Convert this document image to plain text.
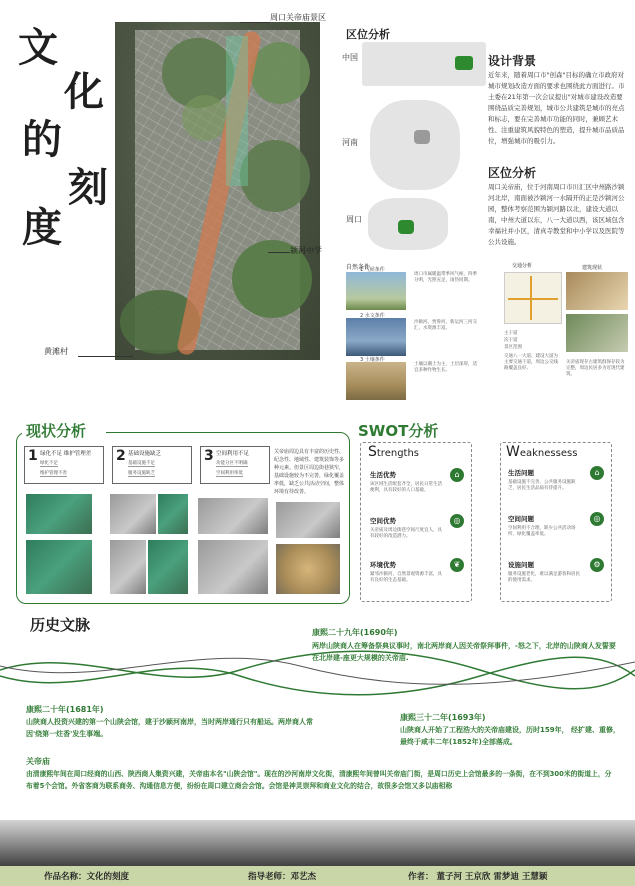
文
化
的
刻
度
周口关帝庙景区
颍河中学
黄滩村
区位分析
中国
河南
周口
设计背景
近年来，随着周口市"创森"目标的确立市政府对城市规划改造方面的要求也围绕此方面进行。市土委在21年第一次会议提出"对城市建设改造要围绕品质完善规划，城市公共建筑是城市的亮点和标志，要在完善城市功能的同时，兼顾艺术性、注重建筑风貌特色的塑造，提升城市品质品位，增强城市的吸引力。
区位分析
周口关帝庙，位于河南周口市川汇区中州路沙颍河北岸，南面被沙颍河一水隔开的正是沙颍河公园，整体考察范围为颍河路以北，建设大道以南，中州大道以东，八一大道以西，该区域包含幸福社并小区，清真寺教堂和中小学以及医院等公共设施。
自然条件
1 气候条件
周口市属暖温带季风气候，四季分明，光照充足，雨热同期。
2 水文条件
沙颍河、贾鲁河、新运河三河交汇，水资源丰富。
3 土壤条件
土壤以潮土为主，土层深厚，适宜多种作物生长。
交通分析
主干道
次干道
景区范围
交通八一大道、建设大道为主要交通干道，周边公交线路覆盖良好。
建筑现状
关帝庙现存古建筑群保存较为完整，周边民居多为近现代建筑。
现状分析
1 绿化不足 维护管理差
绿化不足
维护管理不善
2 基础设施缺乏
基础设施不足
服务设施缺乏
3 空间利用不足
功能分区不明确
空间利用率低
关帝庙周边具有丰富的历史性、纪念性、地域性、建筑装饰等多种元素。但景区周边街巷狭窄，基础设施较为不完善，绿化覆盖率低，缺乏公共活动空间，整体环境有待改善。
SWOT分析
Strengths
生活优势	⌂
该区域生活配套齐全，居民日常生活便利，具有较好的人口基础。
空间优势	◎
关帝庙及周边街巷空间尺度宜人，具有较好的改造潜力。
环境优势	❦
紧邻沙颍河，自然景观资源丰富，具有良好的生态基础。
Weaknessess
生活问题	⌂
基础设施不完善，公共服务设施缺乏，居民生活品质有待提升。
空间问题	◎
空间利用不合理，缺少公共活动场所，绿化覆盖率低。
设施问题	⚙
服务设施老化，难以满足游客和居民的使用需求。
历史文脉	康熙二十九年(1690年)
两岸山陕商人在筹备祭典议事时，南北两岸商人因关帝祭拜事件，-怒之下，北岸的山陕商人发誓要在北岸建-座更大规模的关帝庙.
康熙二十年(1681年)
山陕商人投资兴建的第一个山陕会馆，建于沙颍河南岸，当时两岸通行只有船运。两岸商人常因'绕第一炷香'发生事端。
康熙三十二年(1693年)
山陕商人开始了工程浩大的关帝庙建设，历时159年， 经扩建、重修，最终于咸丰二年(1852年)全部落成。
关帝庙
由清康熙年间在周口经商的山西、陕西商人集资兴建，关帝庙本名"山陕会馆"。现在的沙河南岸文化街，清康熙年间曾叫关帝庙门街，是周口历史上会馆最多的一条街，在不到300米的街道上，分布着5个会馆。外省客商为联系商务、沟通信息方便，纷纷在周口建立商会会馆。会馆是神灵崇拜和商业文化的结合，故很多会馆又多以庙相称
作品名称：文化的刻度	指导老师：邓艺杰	作者： 董子河 王京欣 雷梦迪 王慧颖
